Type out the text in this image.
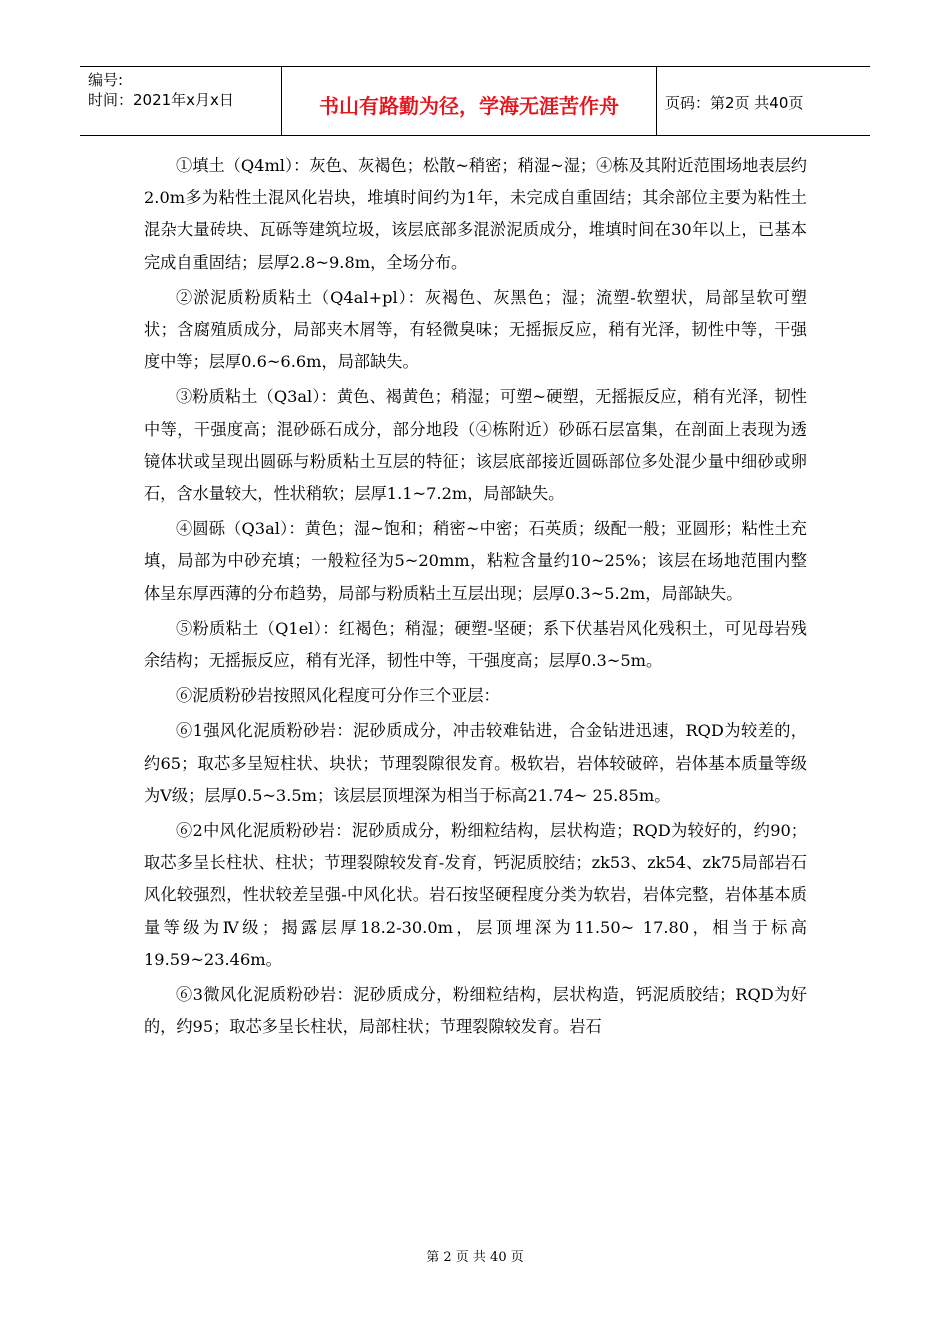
编号:
时间：2021年x月x日	书山有路勤为径，学海无涯苦作舟	页码：第2页 共40页

①填土（Q4ml）：灰色、灰褐色；松散~稍密；稍湿~湿；④栋及其附近范围场地表层约2.0m多为粘性土混风化岩块，堆填时间约为1年，未完成自重固结；其余部位主要为粘性土混杂大量砖块、瓦砾等建筑垃圾，该层底部多混淤泥质成分，堆填时间在30年以上，已基本完成自重固结；层厚2.8~9.8m，全场分布。

②淤泥质粉质粘土（Q4al+pl）：灰褐色、灰黑色；湿；流塑-软塑状，局部呈软可塑状；含腐殖质成分，局部夹木屑等，有轻微臭味；无摇振反应，稍有光泽，韧性中等，干强度中等；层厚0.6~6.6m，局部缺失。

③粉质粘土（Q3al）：黄色、褐黄色；稍湿；可塑~硬塑，无摇振反应，稍有光泽，韧性中等，干强度高；混砂砾石成分，部分地段（④栋附近）砂砾石层富集，在剖面上表现为透镜体状或呈现出圆砾与粉质粘土互层的特征；该层底部接近圆砾部位多处混少量中细砂或卵石，含水量较大，性状稍软；层厚1.1~7.2m，局部缺失。

④圆砾（Q3al）：黄色；湿~饱和；稍密~中密；石英质；级配一般；亚圆形；粘性土充填，局部为中砂充填；一般粒径为5~20mm，粘粒含量约10~25%；该层在场地范围内整体呈东厚西薄的分布趋势，局部与粉质粘土互层出现；层厚0.3~5.2m，局部缺失。

⑤粉质粘土（Q1el）：红褐色；稍湿；硬塑-坚硬；系下伏基岩风化残积土，可见母岩残余结构；无摇振反应，稍有光泽，韧性中等，干强度高；层厚0.3~5m。

⑥泥质粉砂岩按照风化程度可分作三个亚层：

⑥1强风化泥质粉砂岩：泥砂质成分，冲击较难钻进，合金钻进迅速，RQD为较差的，约65；取芯多呈短柱状、块状；节理裂隙很发育。极软岩，岩体较破碎，岩体基本质量等级为Ⅴ级；层厚0.5~3.5m；该层层顶埋深为相当于标高21.74~ 25.85m。

⑥2中风化泥质粉砂岩：泥砂质成分，粉细粒结构，层状构造；RQD为较好的，约90；取芯多呈长柱状、柱状；节理裂隙较发育-发育，钙泥质胶结；zk53、zk54、zk75局部岩石风化较强烈，性状较差呈强-中风化状。岩石按坚硬程度分类为软岩，岩体完整，岩体基本质量等级为Ⅳ级；揭露层厚18.2-30.0m，层顶埋深为11.50~ 17.80，相当于标高19.59~23.46m。

⑥3微风化泥质粉砂岩：泥砂质成分，粉细粒结构，层状构造，钙泥质胶结；RQD为好的，约95；取芯多呈长柱状，局部柱状；节理裂隙较发育。岩石

第 2 页 共 40 页
